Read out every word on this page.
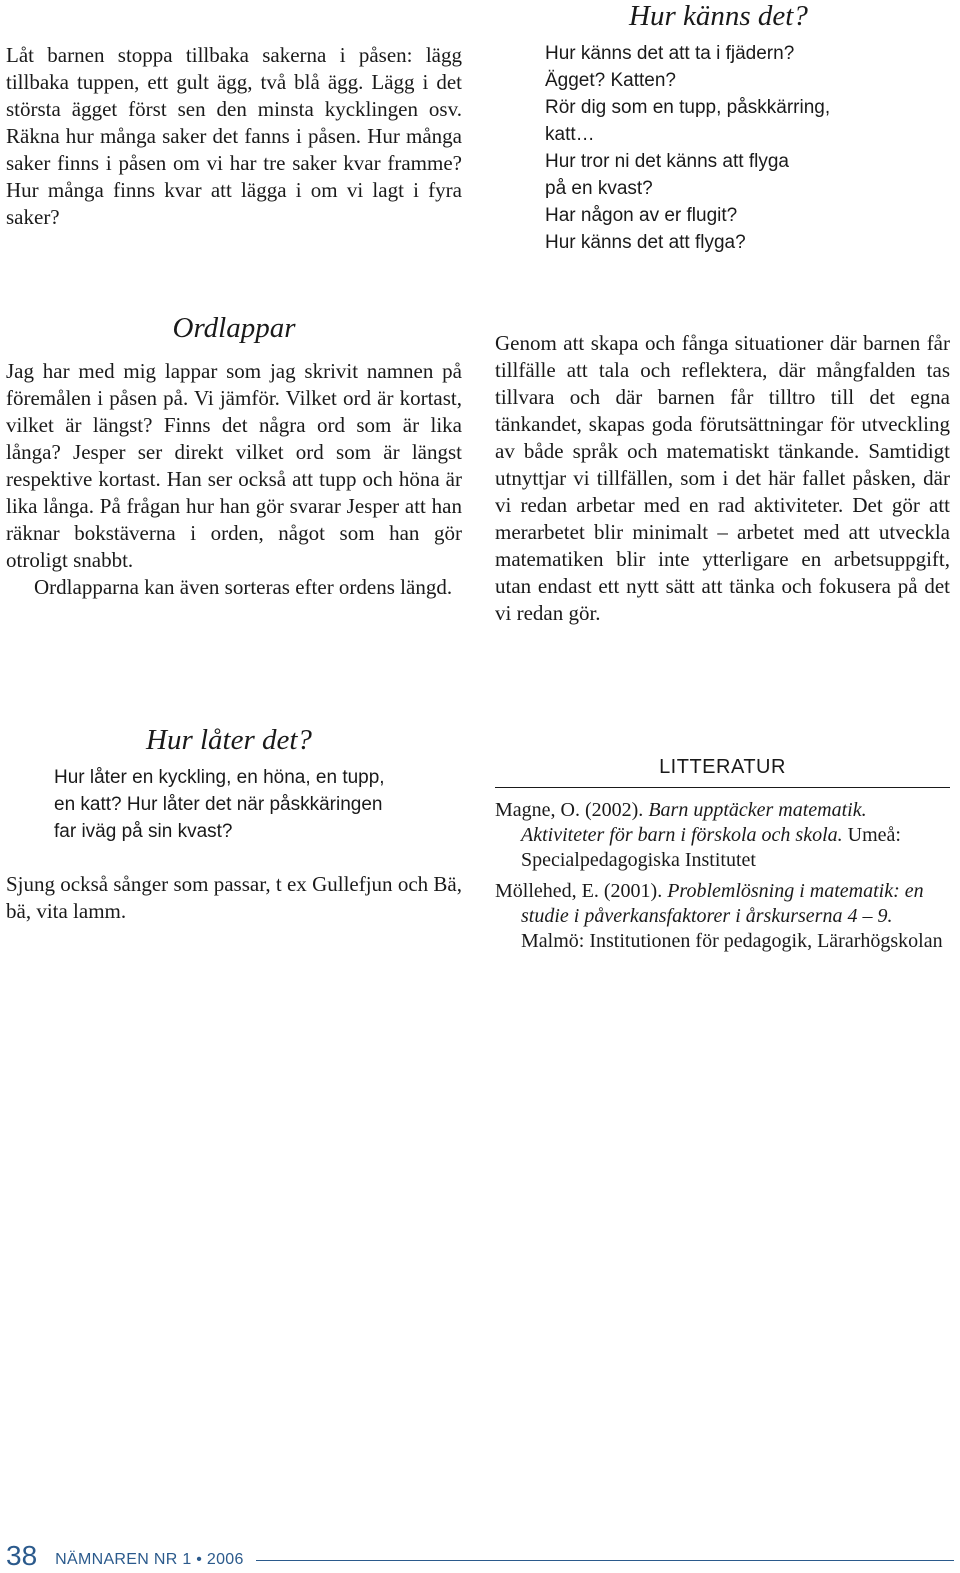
Låt barnen stoppa tillbaka sakerna i påsen: lägg tillbaka tuppen, ett gult ägg, två blå ägg. Lägg i det största ägget först sen den minsta kycklingen osv. Räkna hur många saker det fanns i påsen. Hur många saker finns i påsen om vi har tre saker kvar framme? Hur många finns kvar att lägga i om vi lagt i fyra saker?

Hur känns det?
Hur känns det att ta i fjädern?
Ägget? Katten?
Rör dig som en tupp, påskkärring,
katt…
Hur tror ni det känns att flyga
på en kvast?
Har någon av er flugit?
Hur känns det att flyga?
Ordlappar

Jag har med mig lappar som jag skrivit namnen på föremålen i påsen på. Vi jämför. Vilket ord är kortast, vilket är längst? Finns det några ord som är lika långa? Jesper ser direkt vilket ord som är längst respektive kortast. Han ser också att tupp och höna är lika långa. På frågan hur han gör svarar Jesper att han räknar bokstäverna i orden, något som han gör otroligt snabbt.

Ordlapparna kan även sorteras efter ordens längd.

Genom att skapa och fånga situationer där barnen får tillfälle att tala och reflektera, där mångfalden tas tillvara och där barnen får tilltro till det egna tänkandet, skapas goda förutsättningar för utveckling av både språk och matematiskt tänkande. Samtidigt utnyttjar vi tillfällen, som i det här fallet påsken, där vi redan arbetar med en rad aktiviteter. Det gör att merarbetet blir minimalt – arbetet med att utveckla matematiken blir inte ytterligare en arbetsuppgift, utan endast ett nytt sätt att tänka och fokusera på det vi redan gör.

Hur låter det?
Hur låter en kyckling, en höna, en tupp,
en katt? Hur låter det när påskkäringen
far iväg på sin kvast?

Sjung också sånger som passar, t ex Gullefjun och Bä, bä, vita lamm.

LITTERATUR
Magne, O. (2002). Barn upptäcker matematik. Aktiviteter för barn i förskola och skola. Umeå: Specialpedagogiska Institutet
Möllehed, E. (2001). Problemlösning i matematik: en studie i påverkansfaktorer i årskurserna 4 – 9. Malmö: Institutionen för pedagogik, Lärarhögskolan
38 NÄMNAREN NR 1 • 2006
